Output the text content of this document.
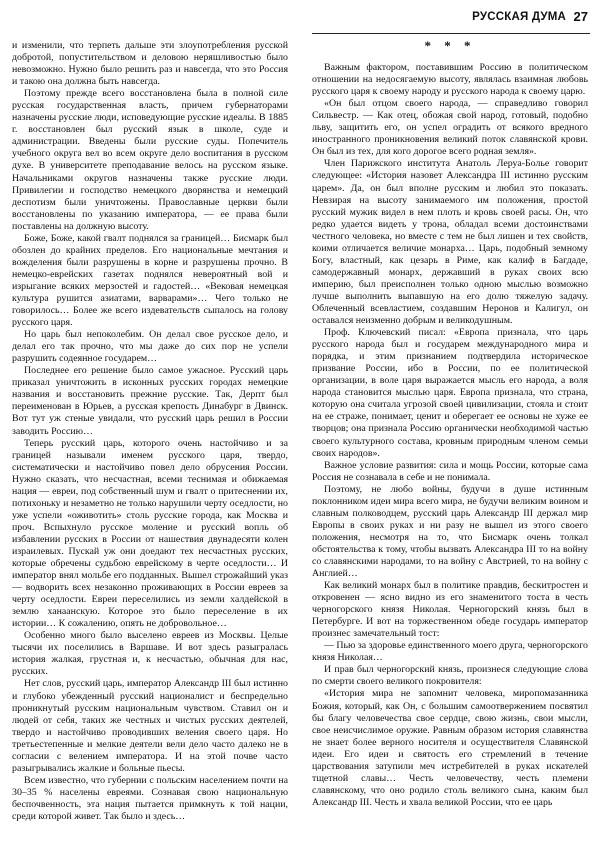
РУССКАЯ ДУМА 27

и изменили, что терпеть дальше эти злоупотребления русской добротой, попустительством и деловою неряшливостью было невозможно. Нужно было решить раз и навсегда, что это Россия и такою она должна быть навсегда.

Поэтому прежде всего восстановлена была в полной силе русская государственная власть, причем губернаторами назначены русские люди, исповедующие русские идеалы. В 1885 г. восстановлен был русский язык в школе, суде и администрации. Введены были русские суды. Попечитель учебного округа вел во всем округе дело воспитания в русском духе. В университете преподавание велось на русском языке. Начальниками округов назначены также русские люди. Привилегии и господство немецкого дворянства и немецкий деспотизм были уничтожены. Православные церкви были восстановлены по указанию императора, — ее права были поставлены на должную высоту.

Боже, Боже, какой гвалт поднялся за границей… Бисмарк был обозлен до крайних пределов. Его национальные мечтания и вожделения были разрушены в корне и разрушены прочно. В немецко-еврейских газетах поднялся невероятный вой и изрыгание всяких мерзостей и гадостей… «Вековая немецкая культура рушится азиатами, варварами»… Чего только не говорилось… Более же всего издевательств сыпалось на голову русского царя.

Но царь был непоколебим. Он делал свое русское дело, и делал его так прочно, что мы даже до сих пор не успели разрушить содеянное государем…

Последнее его решение было самое ужасное. Русский царь приказал уничтожить в исконных русских городах немецкие названия и восстановить прежние русские. Так, Дерпт был переименован в Юрьев, а русская крепость Динабург в Двинск. Вот тут уж стеные увидали, что русский царь решил в России заводить Россию…

Теперь русский царь, которого очень настойчиво и за границей называли именем русского царя, твердо, систематически и настойчиво повел дело обрусения России. Нужно сказать, что несчастная, всеми теснимая и обижаемая нация — евреи, под собственный шум и гвалт о притеснении их, потихоньку и незаметно не только нарушили черту оседлости, но уже успели «оживотить» столь русские города, как Москва и проч. Вспыхнуло русское моление и русский вопль об избавлении русских в России от нашествия двунадесяти колен израилевых. Пускай уж они доедают тех несчастных русских, которые обречены судьбою еврейскому в черте оседлости… И император внял мольбе его подданных. Вышел строжайший указ — водворить всех незаконно проживающих в России евреев за черту оседлости. Евреи переселились из земли халдейской в землю ханаанскую. Которое это было переселение в их истории… К сожалению, опять не добровольное…

Особенно много было выселено евреев из Москвы. Целые тысячи их поселились в Варшаве. И вот здесь разыгралась история жалкая, грустная и, к несчастью, обычная для нас, русских.

Нет слов, русский царь, император Александр III был истинно и глубоко убежденный русский националист и беспредельно проникнутый русским национальным чувством. Ставил он и людей от себя, таких же честных и чистых русских деятелей, твердо и настойчиво проводивших веления своего царя. Но третьестепенные и мелкие деятели вели дело часто далеко не в согласии с велением императора. И на этой почве часто разыгрывались жалкие и больные пьесы.

Всем известно, что губернии с польским населением почти на 30–35 % населены евреями. Сознавая свою национальную беспочвенность, эта нация пытается примкнуть к той нации, среди которой живет. Так было и здесь…

* * *

Важным фактором, поставившим Россию в политическом отношении на недосягаемую высоту, являлась взаимная любовь русского царя к своему народу и русского народа к своему царю.

«Он был отцом своего народа, — справедливо говорил Сильвестр. — Как отец, обожая свой народ, готовый, подобно льву, защитить его, он успел оградить от всякого вредного иностранного проникновения великий поток славянской крови. Он был из тех, для кого дорогое всего родная земля».

Член Парижского института Анатоль Леруа-Болье говорит следующее: «История назовет Александра III истинно русским царем». Да, он был вполне русским и любил это показать. Невзирая на высоту занимаемого им положения, простой русский мужик видел в нем плоть и кровь своей расы. Он, что редко удается видеть у трона, обладал всеми достоинствами честного человека, но вместе с тем не был лишен и тех свойств, коими отличается величие монарха… Царь, подобный земному Богу, властный, как цезарь в Риме, как калиф в Багдаде, самодержавный монарх, державший в руках своих всю империю, был преисполнен только одною мыслью возможно лучше выполнить выпавшую на его долю тяжелую задачу. Облеченный всевластием, создавшим Неронов и Калигул, он оставался неизменно добрым и великодушным.

Проф. Ключевский писал: «Европа признала, что царь русского народа был и государем международного мира и порядка, и этим признанием подтвердила историческое призвание России, ибо в России, по ее политической организации, в воле царя выражается мысль его народа, а воля народа становится мыслью царя. Европа признала, что страна, которую она считала угрозой своей цивилизации, стояла и стоит на ее страже, понимает, ценит и оберегает ее основы не хуже ее творцов; она признала Россию органически необходимой частью своего культурного состава, кровным природным членом семьи своих народов».

Важное условие развития: сила и мощь России, которые сама Россия не сознавала в себе и не понимала.

Поэтому, не любо войны, будучи в душе истинным поклонником идеи мира всего мира, не будучи великим воином и славным полководцем, русский царь Александр III держал мир Европы в своих руках и ни разу не вышел из этого своего положения, несмотря на то, что Бисмарк очень толкал обстоятельства к тому, чтобы вызвать Александра III то на войну со славянскими народами, то на войну с Австрией, то на войну с Англией…

Как великий монарх был в политике правдив, бескитростен и откровенен — ясно видно из его знаменитого тоста в честь черногорского князя Николая. Черногорский князь был в Петербурге. И вот на торжественном обеде государь император произнес замечательный тост:

— Пью за здоровье единственного моего друга, черногорского князя Николая…

И прав был черногорский князь, произнеся следующие слова по смерти своего великого покровителя:

«История мира не запомнит человека, миропомазанника Божия, который, как Он, с большим самоотвержением посвятил бы благу человечества свое сердце, свою жизнь, свои мысли, свое неисчислимое оружие. Равным образом история славянства не знает более верного носителя и осуществителя Славянской идеи. Его идеи и святость его стремлений в течение царствования затупили меч истребителей в руках искателей тщетной славы… Честь человечеству, честь племени славянскому, что оно родило столь великого сына, каким был Александр III. Честь и хвала великой России, что ее царь
